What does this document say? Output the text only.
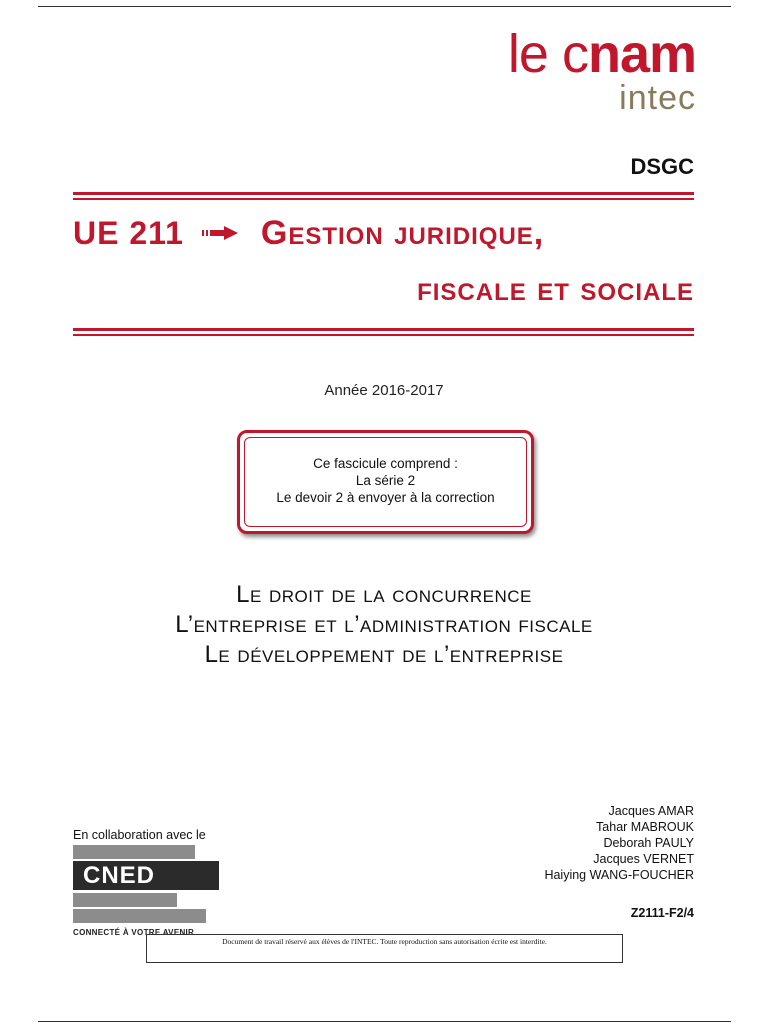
le cnam
intec
DSGC
UE 211 Gestion juridique,
fiscale et sociale
Année 2016-2017
Ce fascicule comprend :
La série 2
Le devoir 2 à envoyer à la correction
Le droit de la concurrence
L’entreprise et l’administration fiscale
Le développement de l’entreprise
Jacques AMAR
Tahar MABROUK
Deborah PAULY
Jacques VERNET
Haiying WANG-FOUCHER
Z2111-F2/4
En collaboration avec le
CNED
CONNECTÉ À VOTRE AVENIR
Document de travail réservé aux élèves de l'INTEC. Toute reproduction sans autorisation écrite est interdite.
